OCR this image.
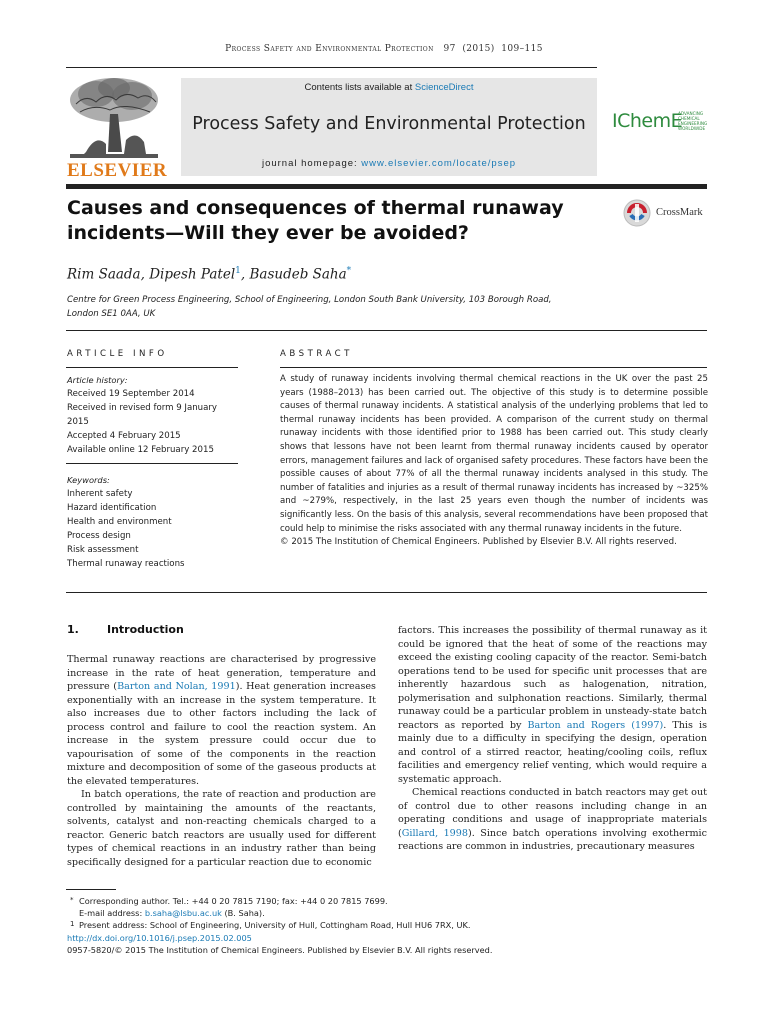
Process Safety and Environmental Protection 97 (2015) 109–115
ELSEVIER
Contents lists available at ScienceDirect
Process Safety and Environmental Protection
journal homepage: www.elsevier.com/locate/psep
IChemE
ADVANCING
CHEMICAL
ENGINEERING
WORLDWIDE
Causes and consequences of thermal runaway
incidents—Will they ever be avoided?
CrossMark
Rim Saada, Dipesh Patel$^1$, Basudeb Saha*
Centre for Green Process Engineering, School of Engineering, London South Bank University, 103 Borough Road,
London SE1 0AA, UK
ARTICLE INFO
Article history:
Received 19 September 2014
Received in revised form 9 January
2015
Accepted 4 February 2015
Available online 12 February 2015
Keywords:
Inherent safety
Hazard identification
Health and environment
Process design
Risk assessment
Thermal runaway reactions
ABSTRACT

A study of runaway incidents involving thermal chemical reactions in the UK over the past 25 years (1988–2013) has been carried out. The objective of this study is to determine possible causes of thermal runaway incidents. A statistical analysis of the underlying problems that led to thermal runaway incidents has been provided. A comparison of the current study on thermal runaway incidents with those identified prior to 1988 has been carried out. This study clearly shows that lessons have not been learnt from thermal runaway incidents caused by operator errors, management failures and lack of organised safety procedures. These factors have been the possible causes of about 77% of all the thermal runaway incidents analysed in this study. The number of fatalities and injuries as a result of thermal runaway incidents has increased by ~325% and ~279%, respectively, in the last 25 years even though the number of incidents was significantly less. On the basis of this analysis, several recommendations have been proposed that could help to minimise the risks associated with any thermal runaway incidents in the future.

© 2015 The Institution of Chemical Engineers. Published by Elsevier B.V. All rights reserved.

1.	Introduction

Thermal runaway reactions are characterised by progressive increase in the rate of heat generation, temperature and pressure (Barton and Nolan, 1991). Heat generation increases exponentially with an increase in the system temperature. It also increases due to other factors including the lack of process control and failure to cool the reaction system. An increase in the system pressure could occur due to vapourisation of some of the components in the reaction mixture and decomposition of some of the gaseous products at the elevated temperatures.

In batch operations, the rate of reaction and production are controlled by maintaining the amounts of the reactants, solvents, catalyst and non-reacting chemicals charged to a reactor. Generic batch reactors are usually used for different types of chemical reactions in an industry rather than being specifically designed for a particular reaction due to economic

factors. This increases the possibility of thermal runaway as it could be ignored that the heat of some of the reactions may exceed the existing cooling capacity of the reactor. Semi-batch operations tend to be used for specific unit processes that are inherently hazardous such as halogenation, nitration, polymerisation and sulphonation reactions. Similarly, thermal runaway could be a particular problem in unsteady-state batch reactors as reported by Barton and Rogers (1997). This is mainly due to a difficulty in specifying the design, operation and control of a stirred reactor, heating/cooling coils, reflux facilities and emergency relief venting, which would require a systematic approach.

Chemical reactions conducted in batch reactors may get out of control due to other reasons including change in an operating conditions and usage of inappropriate materials (Gillard, 1998). Since batch operations involving exothermic reactions are common in industries, precautionary measures

* Corresponding author. Tel.: +44 0 20 7815 7190; fax: +44 0 20 7815 7699.
E-mail address: b.saha@lsbu.ac.uk (B. Saha).
1 Present address: School of Engineering, University of Hull, Cottingham Road, Hull HU6 7RX, UK.
http://dx.doi.org/10.1016/j.psep.2015.02.005
0957-5820/© 2015 The Institution of Chemical Engineers. Published by Elsevier B.V. All rights reserved.
